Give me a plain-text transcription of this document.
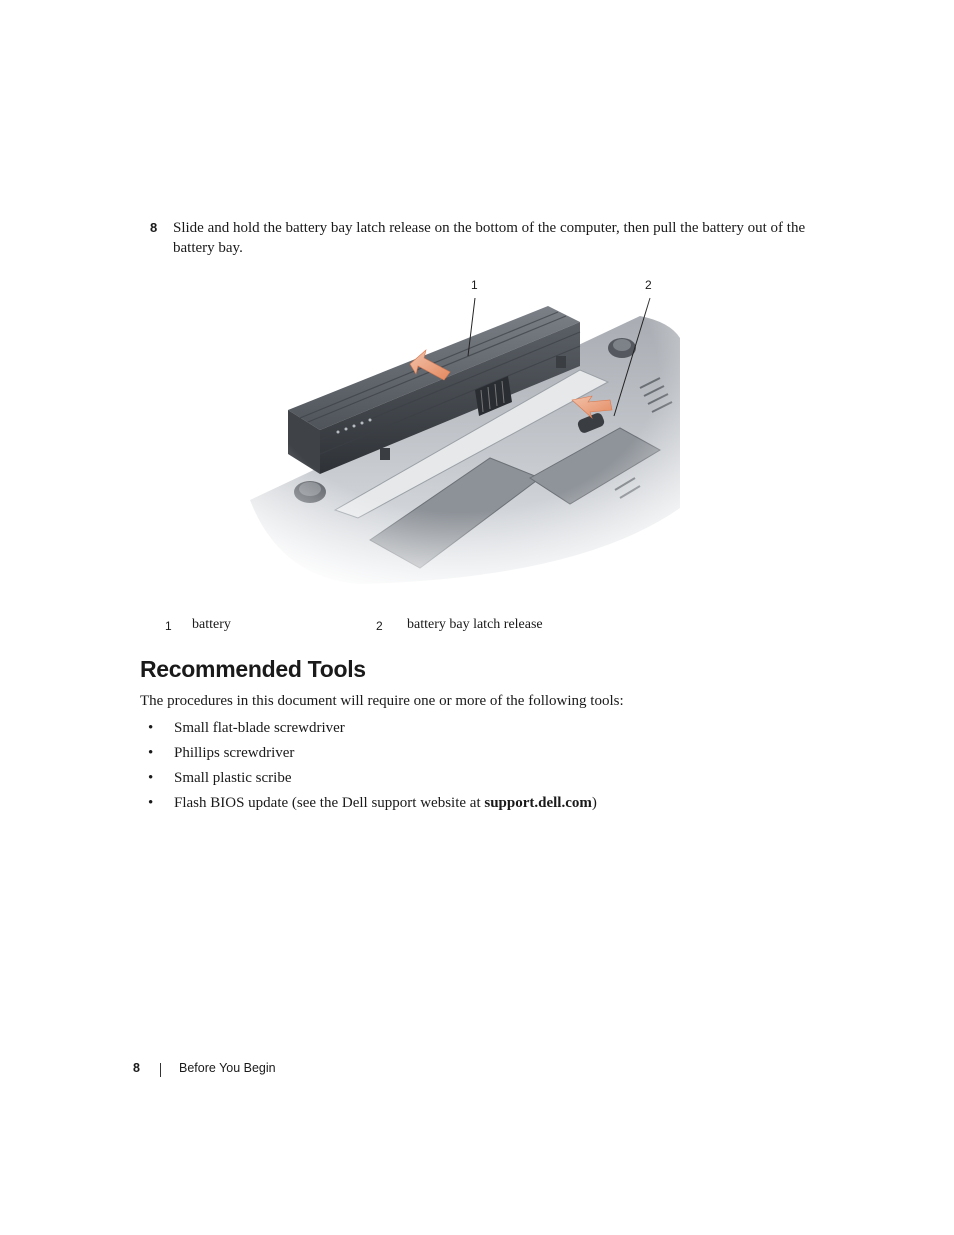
8 Slide and hold the battery bay latch release on the bottom of the computer, then pull the battery out of the battery bay.
1	2
1 battery	2 battery bay latch release
Recommended Tools
The procedures in this document will require one or more of the following tools:
• Small flat-blade screwdriver
• Phillips screwdriver
• Small plastic scribe
• Flash BIOS update (see the Dell support website at support.dell.com)
8	Before You Begin
